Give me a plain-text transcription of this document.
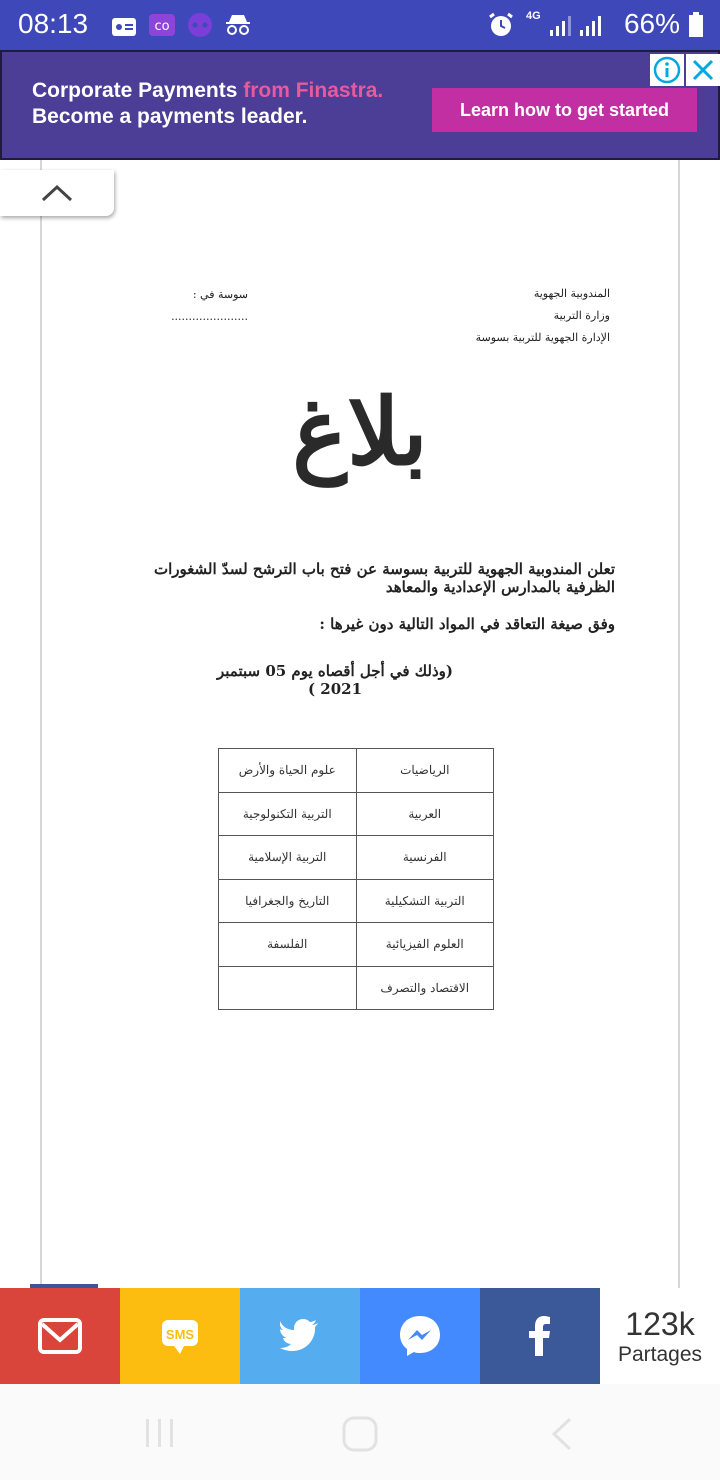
08:13	co
4G	66%
Corporate Payments from Finastra.
Become a payments leader.	Learn how to get started
المندوبية الجهوية
وزارة التربية
الإدارة الجهوية للتربية بسوسة
سوسة في : ......................
بلاغ
تعلن المندوبية الجهوية للتربية بسوسة عن فتح باب الترشح لسدّ الشغورات الظرفية بالمدارس الإعدادية والمعاهد
وفق صيغة التعاقد في المواد التالية دون غيرها :
(وذلك في أجل أقصاه يوم 05 سبتمبر 2021 )
الرياضيات	علوم الحياة والأرض
العربية	التربية التكنولوجية
الفرنسية	التربية الإسلامية
التربية التشكيلية	التاريخ والجغرافيا
العلوم الفيزيائية	الفلسفة
الاقتصاد والتصرف	
SMS	123k
Partages
